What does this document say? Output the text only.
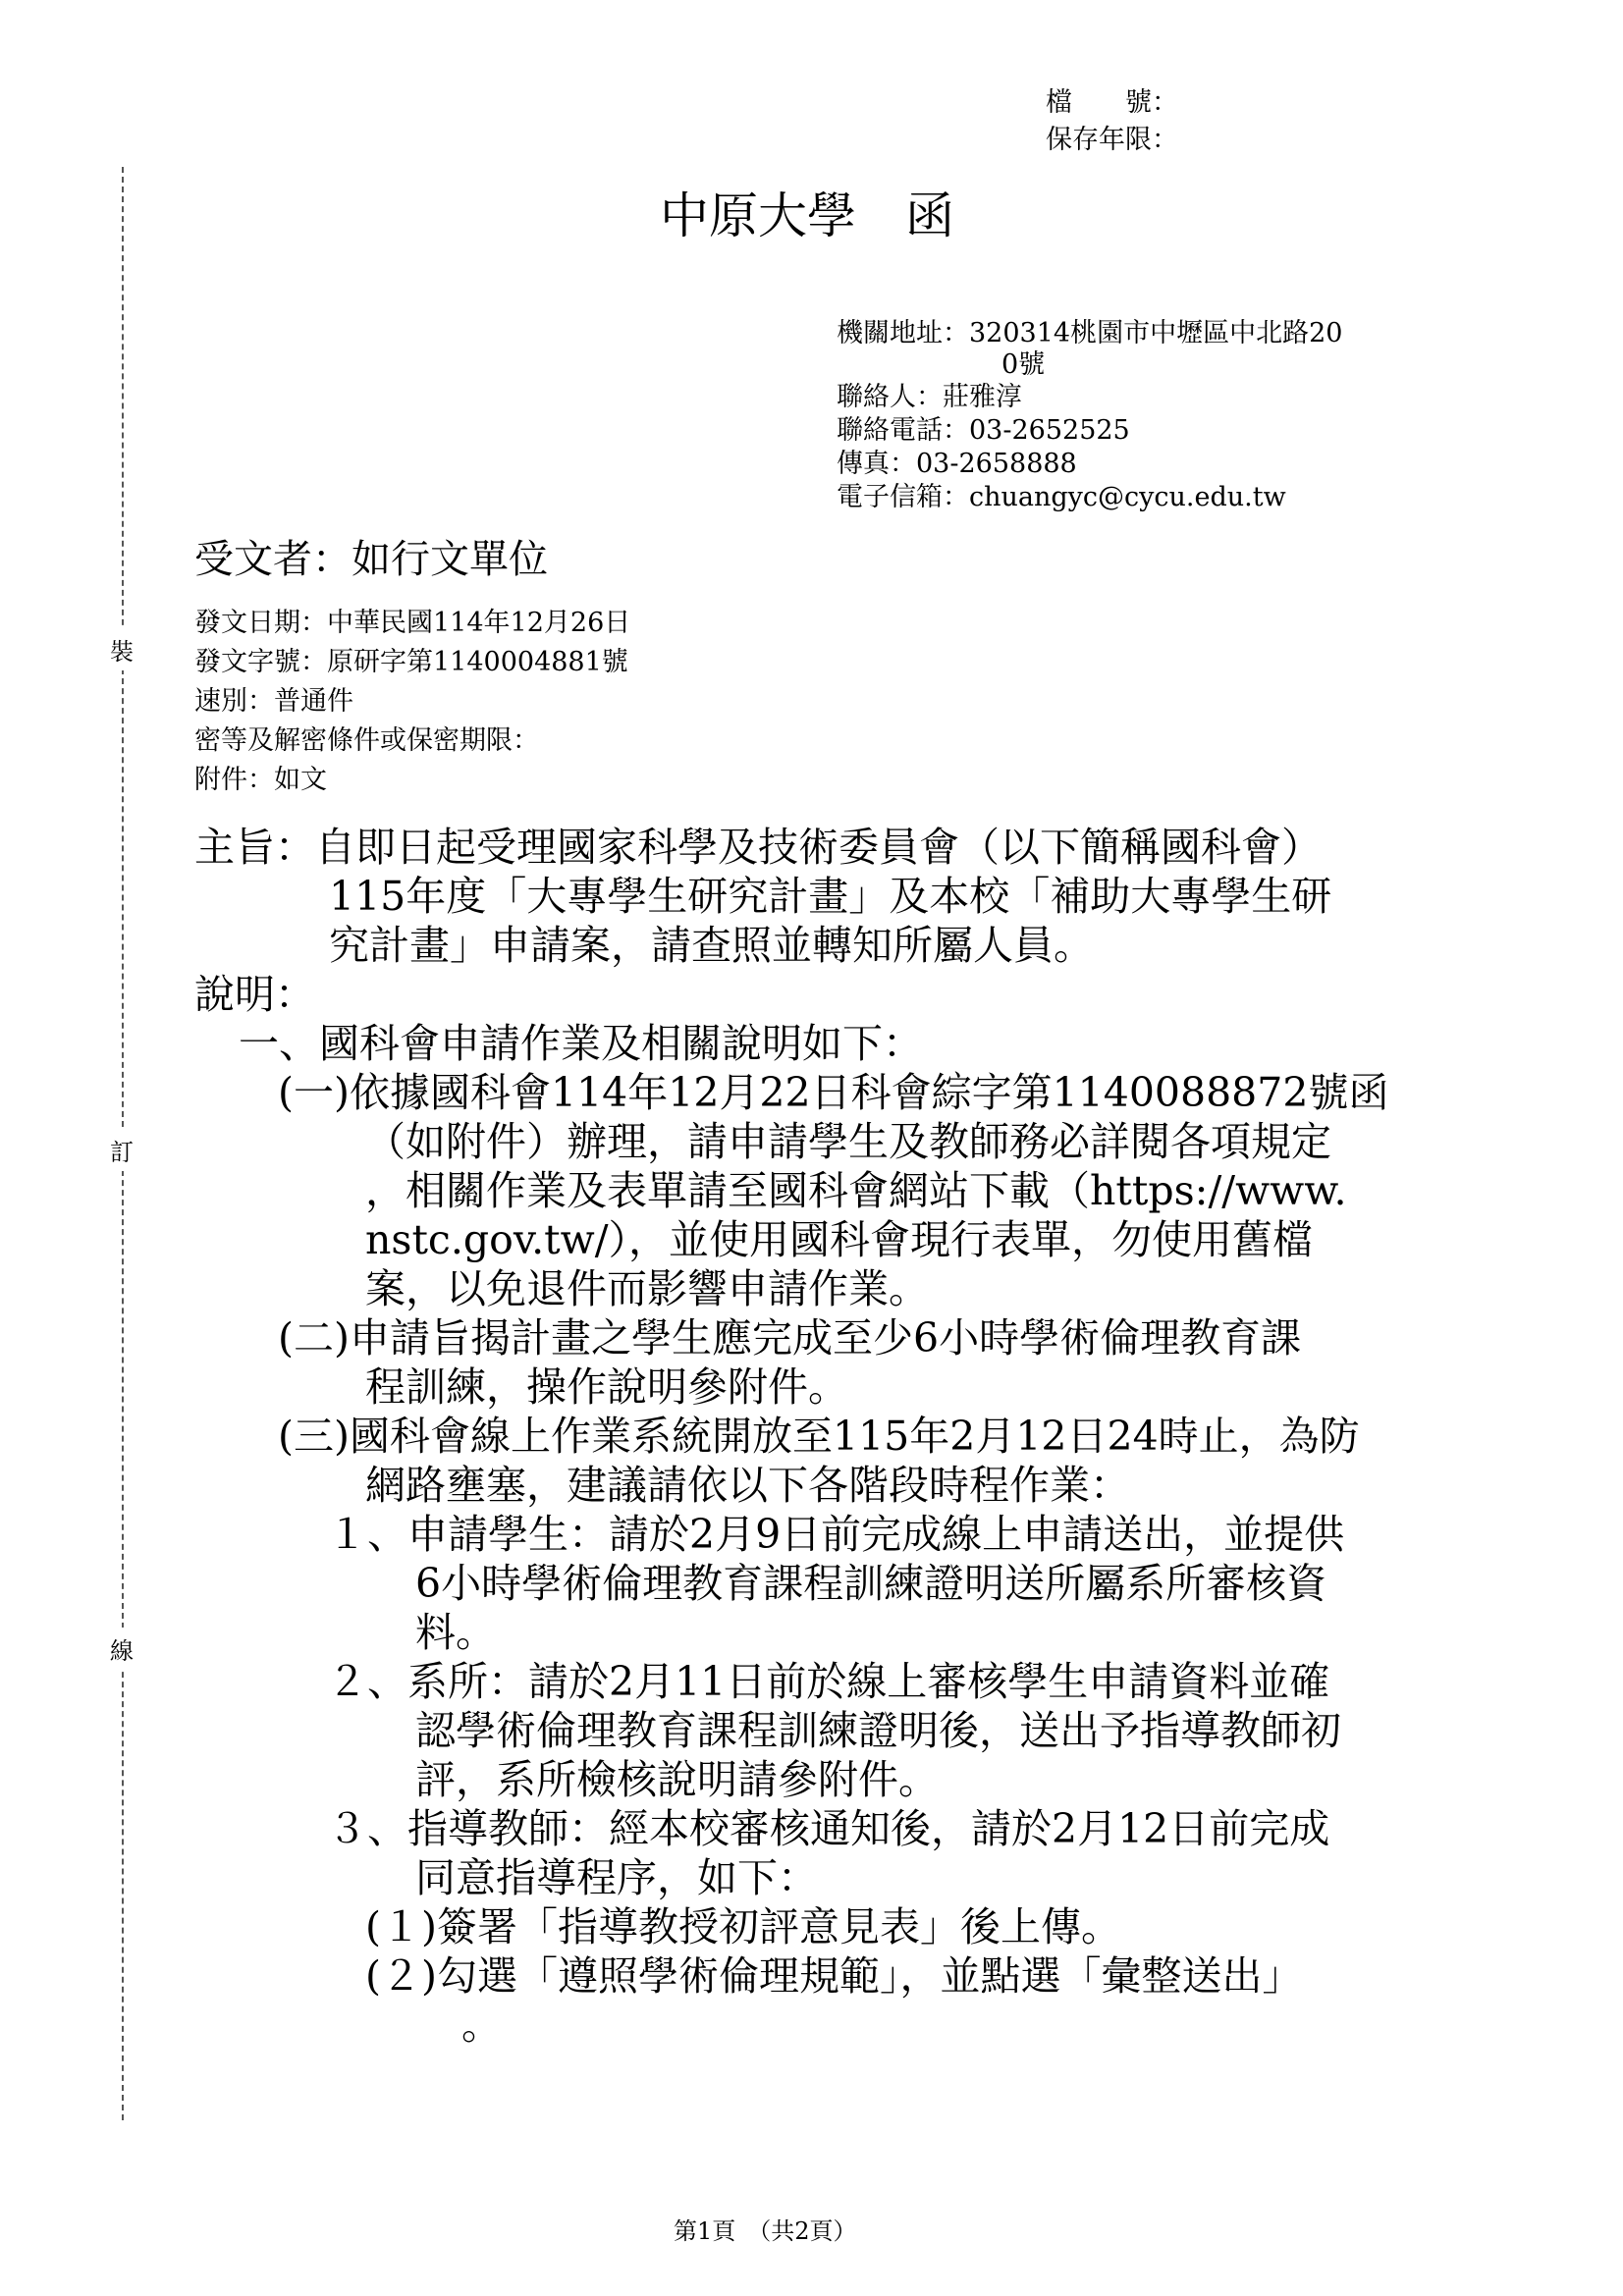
裝
訂
線
檔　　號：
保存年限：
中原大學　函
機關地址：320314桃園市中壢區中北路20
0號
聯絡人：莊雅淳
聯絡電話：03-2652525
傳真：03-2658888
電子信箱：chuangyc@cycu.edu.tw
受文者：如行文單位
發文日期：中華民國114年12月26日
發文字號：原研字第1140004881號
速別：普通件
密等及解密條件或保密期限：
附件：如文
主旨：自即日起受理國家科學及技術委員會（以下簡稱國科會）
115年度「大專學生研究計畫」及本校「補助大專學生研
究計畫」申請案，請查照並轉知所屬人員。
說明：
一、國科會申請作業及相關說明如下：
(一)依據國科會114年12月22日科會綜字第1140088872號函
（如附件）辦理，請申請學生及教師務必詳閱各項規定
，相關作業及表單請至國科會網站下載（https://www.
nstc.gov.tw/），並使用國科會現行表單，勿使用舊檔
案，以免退件而影響申請作業。
(二)申請旨揭計畫之學生應完成至少6小時學術倫理教育課
程訓練，操作說明參附件。
(三)國科會線上作業系統開放至115年2月12日24時止，為防
網路壅塞，建議請依以下各階段時程作業：
１、申請學生：請於2月9日前完成線上申請送出，並提供
6小時學術倫理教育課程訓練證明送所屬系所審核資
料。
２、系所：請於2月11日前於線上審核學生申請資料並確
認學術倫理教育課程訓練證明後，送出予指導教師初
評，系所檢核說明請參附件。
３、指導教師：經本校審核通知後，請於2月12日前完成
同意指導程序，如下：
(１)簽署「指導教授初評意見表」後上傳。
(２)勾選「遵照學術倫理規範」，並點選「彙整送出」
。
第1頁　（共2頁）
